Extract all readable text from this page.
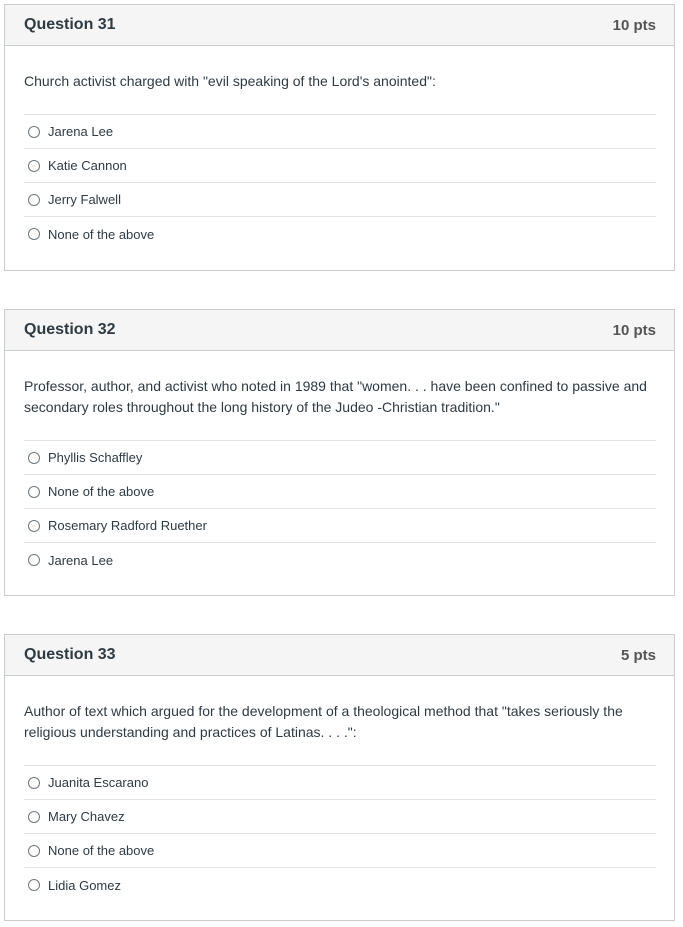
Question 31	10 pts
Church activist charged with "evil speaking of the Lord's anointed":
Jarena Lee
Katie Cannon
Jerry Falwell
None of the above
Question 32	10 pts
Professor, author, and activist who noted in 1989 that "women. . . have been confined to passive and secondary roles throughout the long history of the Judeo -Christian tradition."
Phyllis Schaffley
None of the above
Rosemary Radford Ruether
Jarena Lee
Question 33	5 pts
Author of text which argued for the development of a theological method that "takes seriously the religious understanding and practices of Latinas. . . .":
Juanita Escarano
Mary Chavez
None of the above
Lidia Gomez
